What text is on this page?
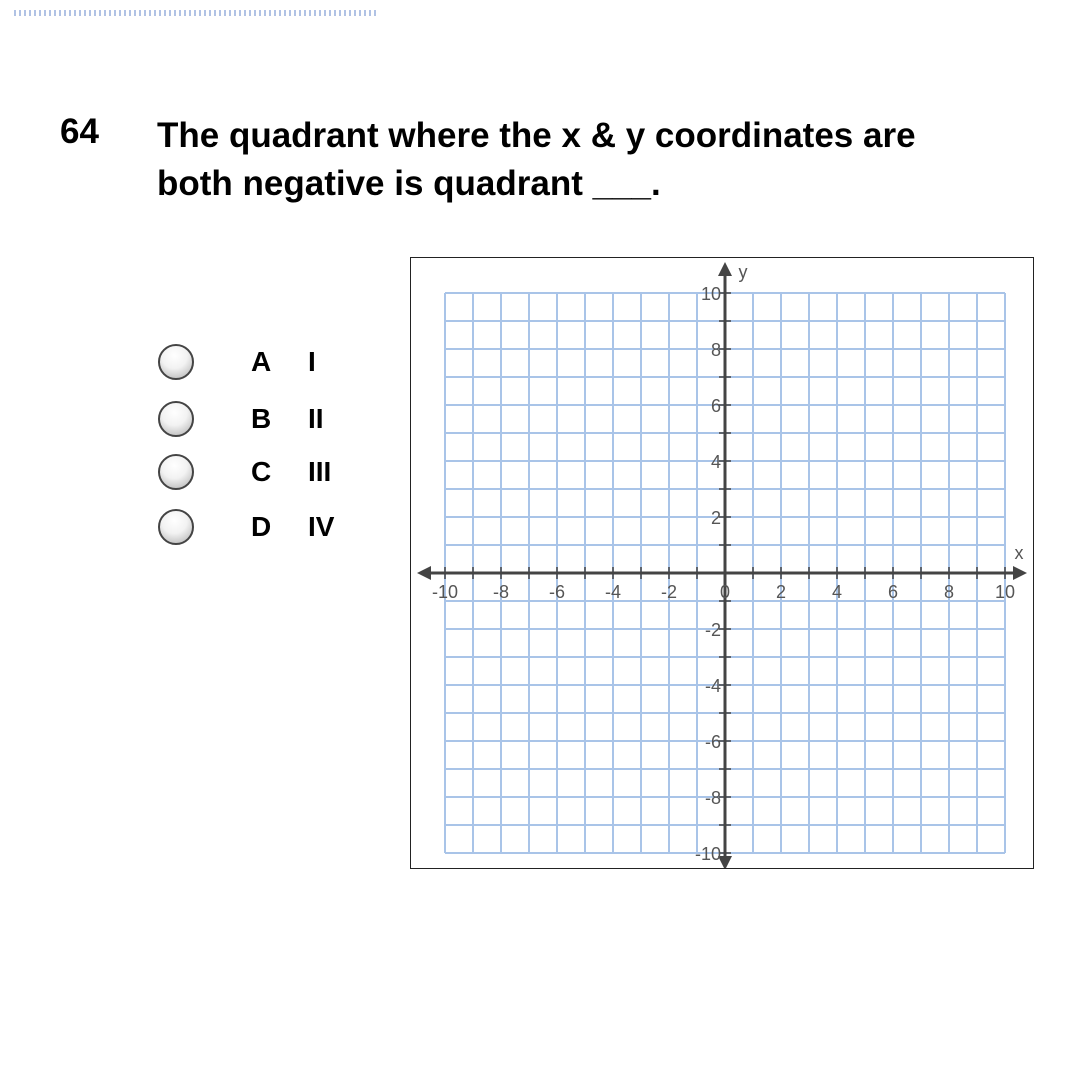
64 The quadrant where the x & y coordinates are both negative is quadrant ___.
A I
B II
C III
D IV
-10 -8 -6 -4 -2 0	2	4	6	8 10
10
8
6
4
2
-2
-4
-6
-8
-10
x
y
